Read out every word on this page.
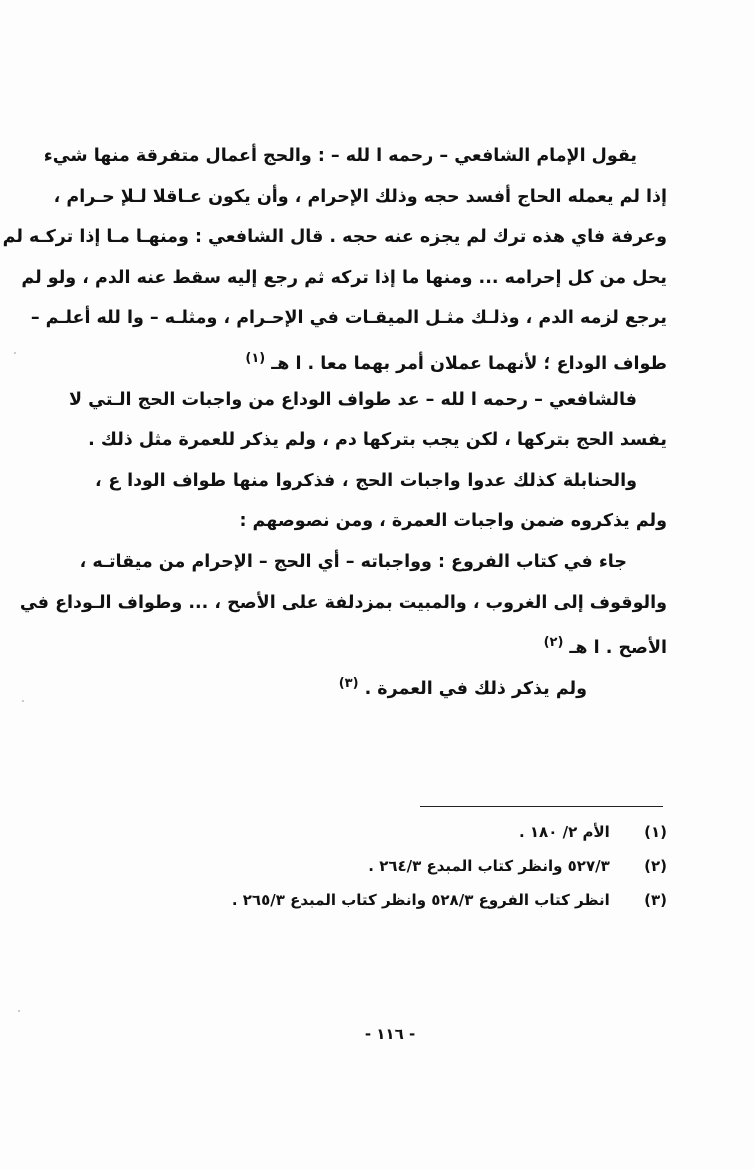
يقول الإمام الشافعي – رحمه ا لله – : والحج أعمال متفرقة منها شيء
إذا لم يعمله الحاج أفسد حجه وذلك الإحرام ، وأن يكون عـاقلا لـلإ حـرام ،
وعرفة فاي هذه ترك لم يجزه عنه حجه . قال الشافعي : ومنهـا مـا إذا تركـه لم
يحل من كل إحرامه ... ومنها ما إذا تركه ثم رجع إليه سقط عنه الدم ، ولو لم
يرجع لزمه الدم ، وذلـك مثـل الميقـات في الإحـرام ، ومثلـه – وا لله أعلـم –
طواف الوداع ؛ لأنهما عملان أمر بهما معا . ا هـ$^{(١)}$
فالشافعي – رحمه ا لله – عد طواف الوداع من واجبات الحج الـتي لا
يفسد الحج بتركها ، لكن يجب بتركها دم ، ولم يذكر للعمرة مثل ذلك .
والحنابلة كذلك عدوا واجبات الحج ، فذكروا منها طواف الودا ع ،
ولم يذكروه ضمن واجبات العمرة ، ومن نصوصهم :
جاء في كتاب الفروع : وواجباته – أي الحج – الإحرام من ميقاتـه ،
والوقوف إلى الغروب ، والمبيت بمزدلفة على الأصح ، ... وطواف الـوداع في
الأصح . ا هـ$^{(٢)}$
ولم يذكر ذلك في العمرة .$^{(٣)}$
(١) الأم ٢/ ١٨٠ .
(٢) ٥٢٧/٣ وانظر كتاب المبدع ٢٦٤/٣ .
(٣) انظر كتاب الفروع ٥٢٨/٣ وانظر كتاب المبدع ٢٦٥/٣ .
- ١١٦ -
